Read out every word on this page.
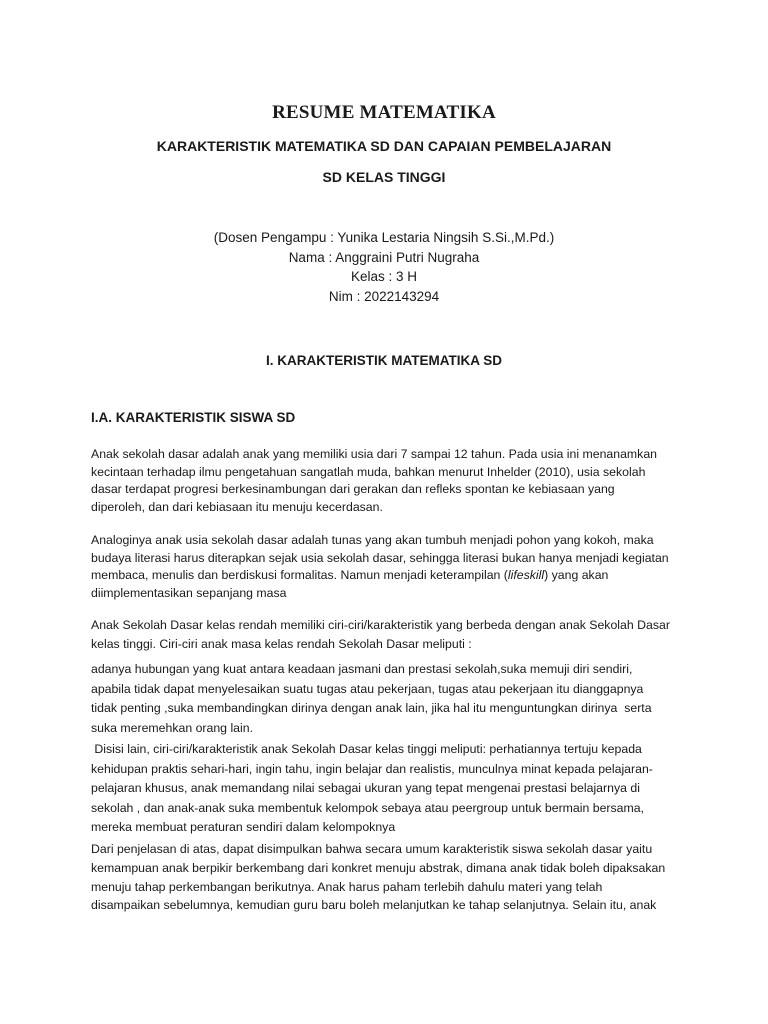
RESUME MATEMATIKA
KARAKTERISTIK MATEMATIKA SD DAN CAPAIAN PEMBELAJARAN
SD KELAS TINGGI
(Dosen Pengampu : Yunika Lestaria Ningsih S.Si.,M.Pd.)
Nama : Anggraini Putri Nugraha
Kelas : 3 H
Nim : 2022143294
I. KARAKTERISTIK MATEMATIKA SD
I.A. KARAKTERISTIK SISWA SD
Anak sekolah dasar adalah anak yang memiliki usia dari 7 sampai 12 tahun. Pada usia ini menanamkan
kecintaan terhadap ilmu pengetahuan sangatlah muda, bahkan menurut Inhelder (2010), usia sekolah
dasar terdapat progresi berkesinambungan dari gerakan dan refleks spontan ke kebiasaan yang
diperoleh, dan dari kebiasaan itu menuju kecerdasan.
Analoginya anak usia sekolah dasar adalah tunas yang akan tumbuh menjadi pohon yang kokoh, maka
budaya literasi harus diterapkan sejak usia sekolah dasar, sehingga literasi bukan hanya menjadi kegiatan
membaca, menulis dan berdiskusi formalitas. Namun menjadi keterampilan (lifeskill) yang akan
diimplementasikan sepanjang masa
Anak Sekolah Dasar kelas rendah memiliki ciri-ciri/karakteristik yang berbeda dengan anak Sekolah Dasar
kelas tinggi. Ciri-ciri anak masa kelas rendah Sekolah Dasar meliputi :
adanya hubungan yang kuat antara keadaan jasmani dan prestasi sekolah,suka memuji diri sendiri,
apabila tidak dapat menyelesaikan suatu tugas atau pekerjaan, tugas atau pekerjaan itu dianggapnya
tidak penting ,suka membandingkan dirinya dengan anak lain, jika hal itu menguntungkan dirinya  serta
suka meremehkan orang lain.
Disisi lain, ciri-ciri/karakteristik anak Sekolah Dasar kelas tinggi meliputi: perhatiannya tertuju kepada
kehidupan praktis sehari-hari, ingin tahu, ingin belajar dan realistis, munculnya minat kepada pelajaran-
pelajaran khusus, anak memandang nilai sebagai ukuran yang tepat mengenai prestasi belajarnya di
sekolah , dan anak-anak suka membentuk kelompok sebaya atau peergroup untuk bermain bersama,
mereka membuat peraturan sendiri dalam kelompoknya
Dari penjelasan di atas, dapat disimpulkan bahwa secara umum karakteristik siswa sekolah dasar yaitu
kemampuan anak berpikir berkembang dari konkret menuju abstrak, dimana anak tidak boleh dipaksakan
menuju tahap perkembangan berikutnya. Anak harus paham terlebih dahulu materi yang telah
disampaikan sebelumnya, kemudian guru baru boleh melanjutkan ke tahap selanjutnya. Selain itu, anak
